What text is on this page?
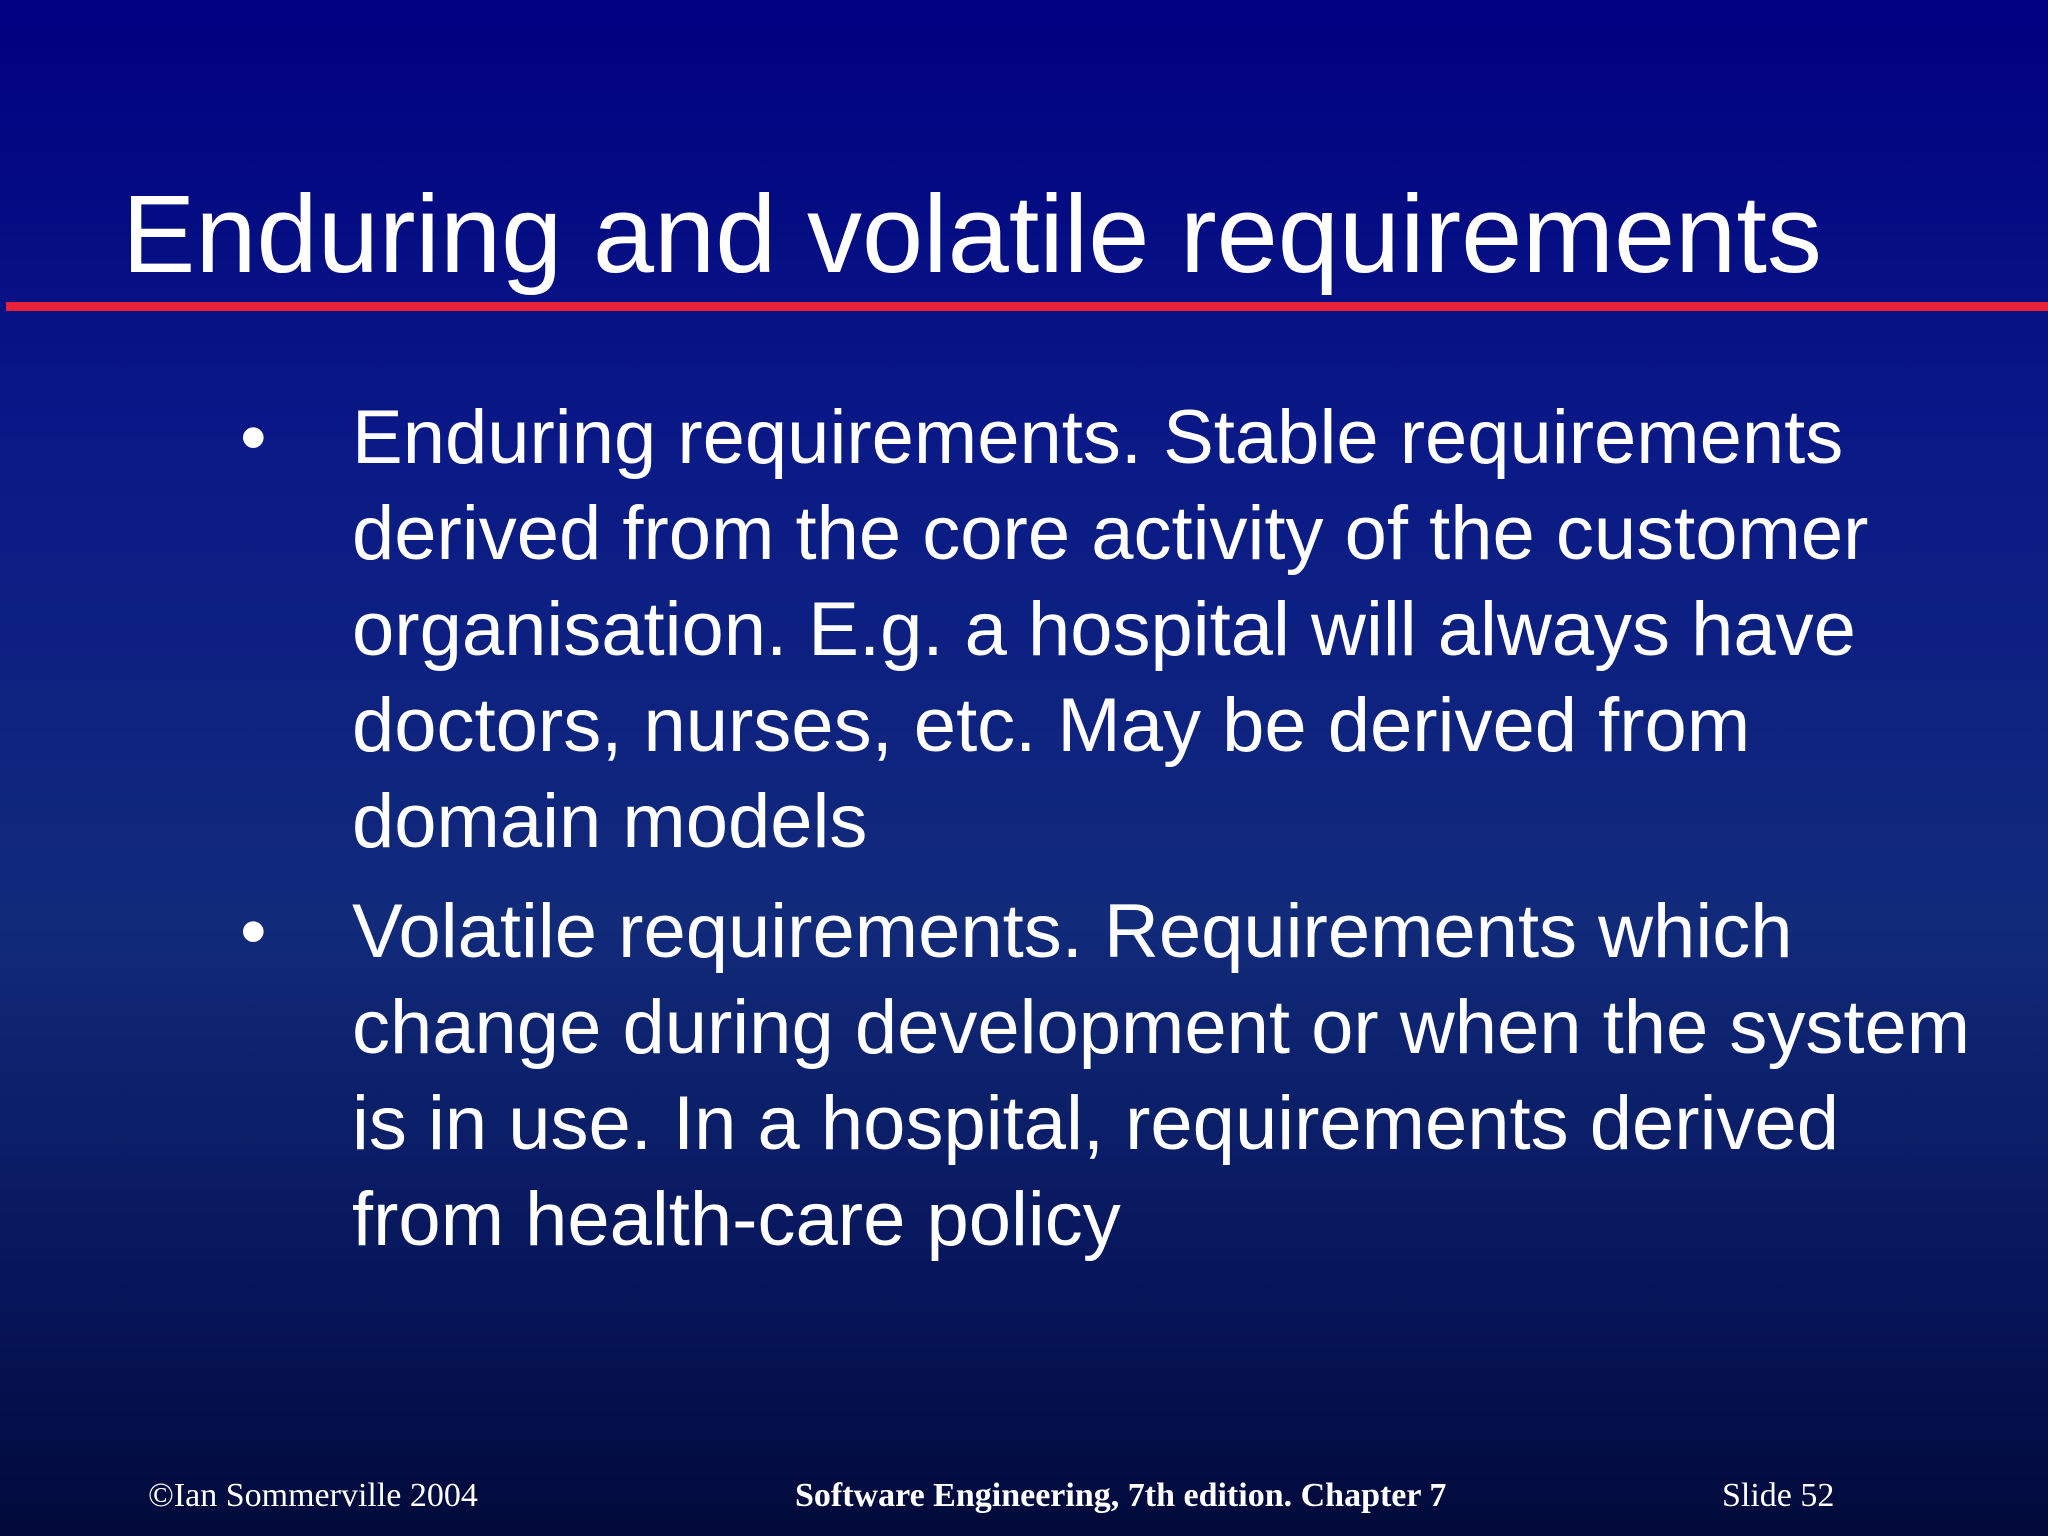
Enduring and volatile requirements
• Enduring requirements. Stable requirements derived from the core activity of the customer organisation. E.g. a hospital will always have doctors, nurses, etc. May be derived from domain models
• Volatile requirements. Requirements which change during development or when the system is in use. In a hospital, requirements derived from health-care policy
©Ian Sommerville 2004	Software Engineering, 7th edition. Chapter 7	Slide 52
